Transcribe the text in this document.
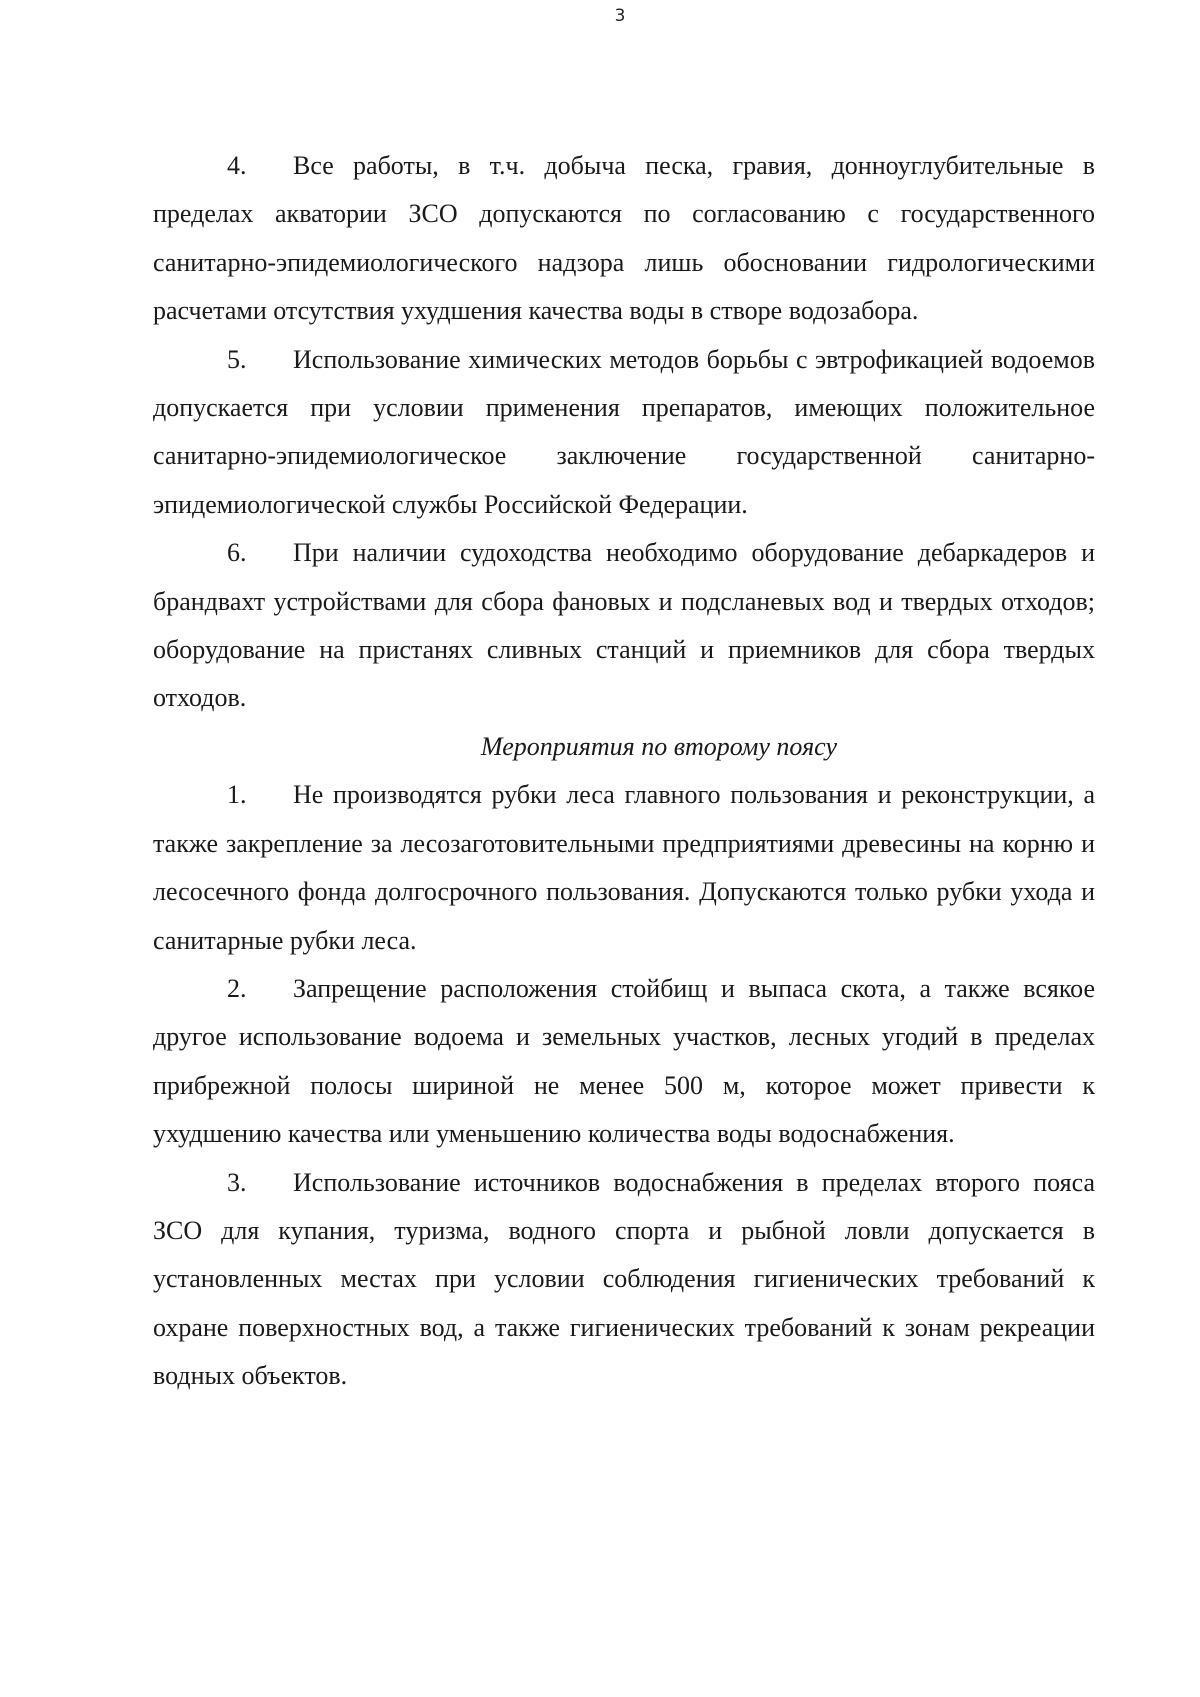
3

4. Все работы, в т.ч. добыча песка, гравия, донноуглубительные в пределах акватории ЗСО допускаются по согласованию с государственного санитарно-эпидемиологического надзора лишь обосновании гидрологическими расчетами отсутствия ухудшения качества воды в створе водозабора.

5. Использование химических методов борьбы с эвтрофикацией водоемов допускается при условии применения препаратов, имеющих положительное санитарно-эпидемиологическое заключение государственной санитарно-эпидемиологической службы Российской Федерации.

6. При наличии судоходства необходимо оборудование дебаркадеров и брандвахт устройствами для сбора фановых и подсланевых вод и твердых отходов; оборудование на пристанях сливных станций и приемников для сбора твердых отходов.

Мероприятия по второму поясу

1. Не производятся рубки леса главного пользования и реконструкции, а также закрепление за лесозаготовительными предприятиями древесины на корню и лесосечного фонда долгосрочного пользования. Допускаются только рубки ухода и санитарные рубки леса.

2. Запрещение расположения стойбищ и выпаса скота, а также всякое другое использование водоема и земельных участков, лесных угодий в пределах прибрежной полосы шириной не менее 500 м, которое может привести к ухудшению качества или уменьшению количества воды водоснабжения.

3. Использование источников водоснабжения в пределах второго пояса ЗСО для купания, туризма, водного спорта и рыбной ловли допускается в установленных местах при условии соблюдения гигиенических требований к охране поверхностных вод, а также гигиенических требований к зонам рекреации водных объектов.
